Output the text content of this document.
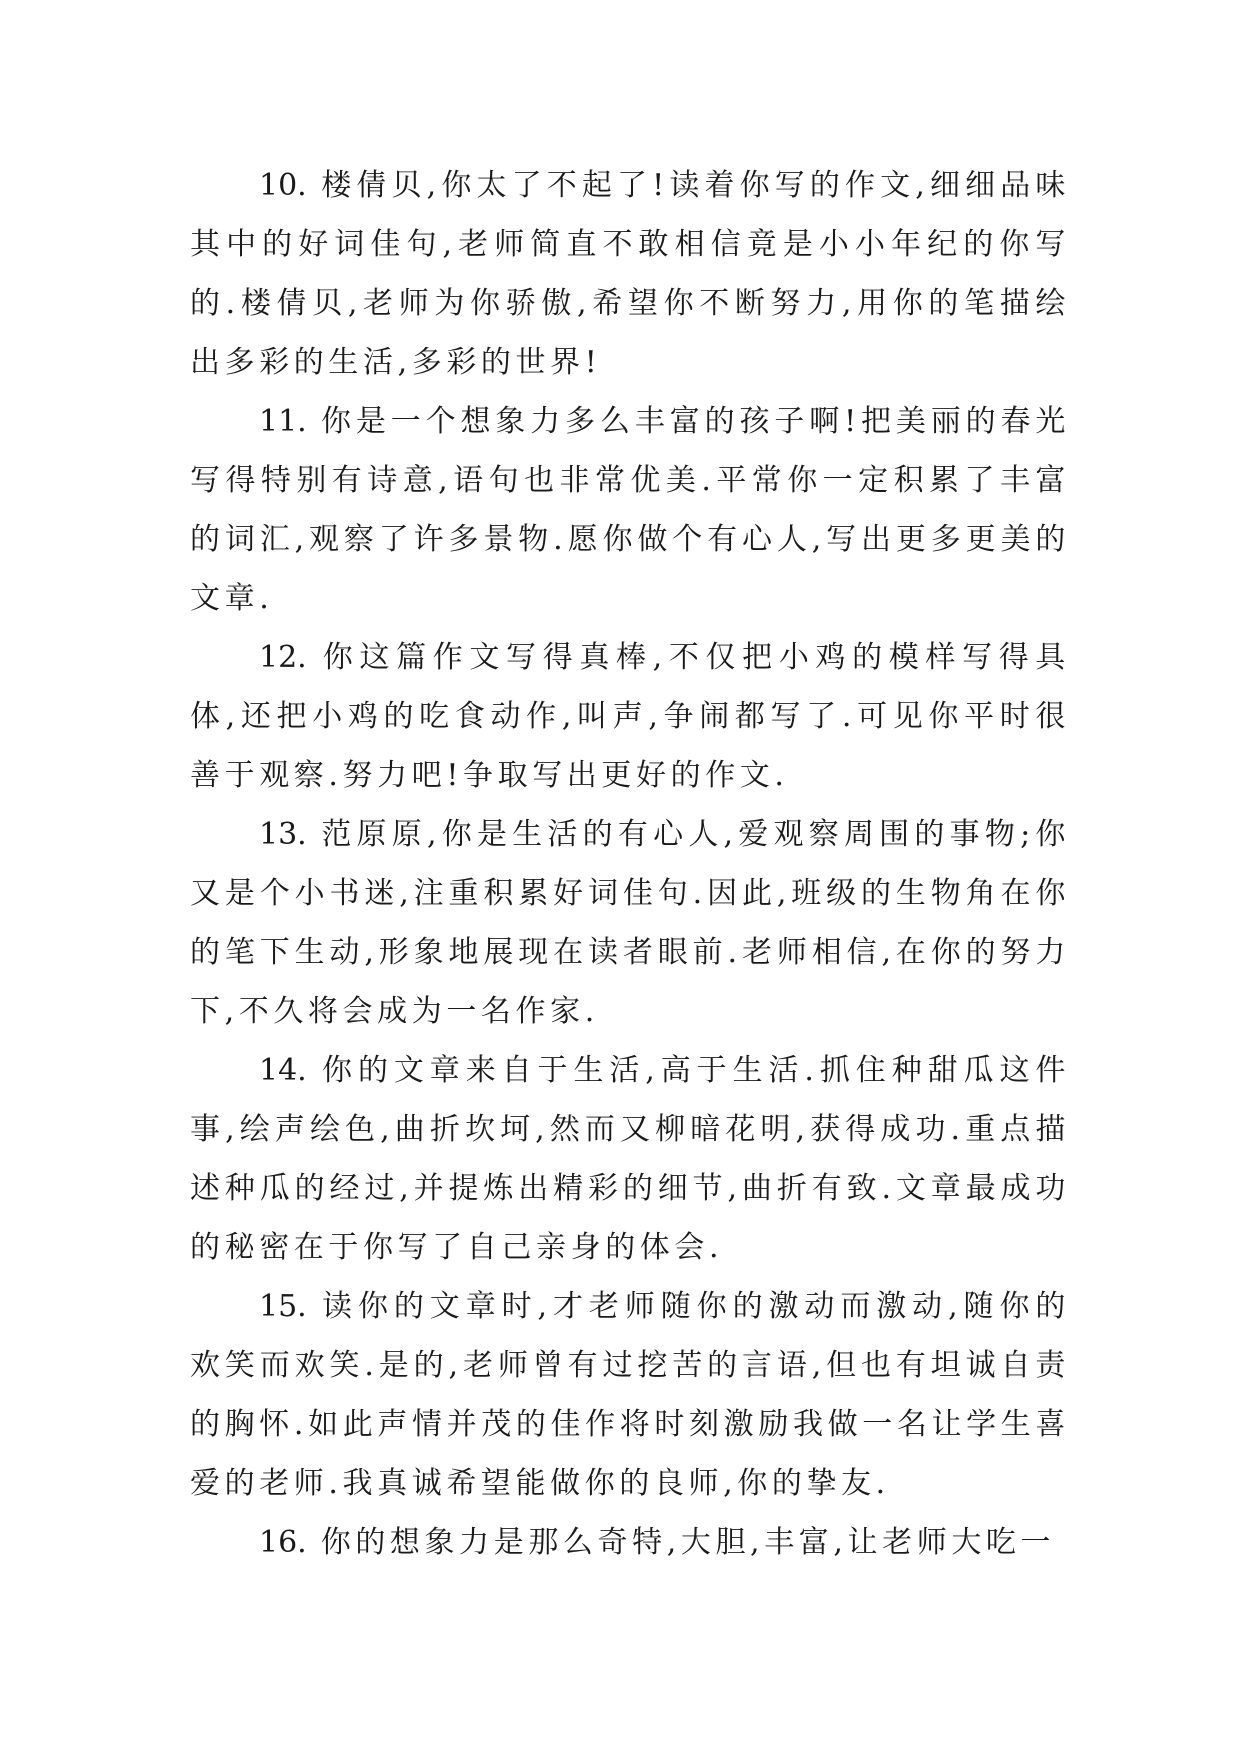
10. 楼倩贝,你太了不起了!读着你写的作文,细细品味其中的好词佳句,老师简直不敢相信竟是小小年纪的你写的.楼倩贝,老师为你骄傲,希望你不断努力,用你的笔描绘出多彩的生活,多彩的世界!

11. 你是一个想象力多么丰富的孩子啊!把美丽的春光写得特别有诗意,语句也非常优美.平常你一定积累了丰富的词汇,观察了许多景物.愿你做个有心人,写出更多更美的文章.

12. 你这篇作文写得真棒,不仅把小鸡的模样写得具体,还把小鸡的吃食动作,叫声,争闹都写了.可见你平时很善于观察.努力吧!争取写出更好的作文.

13. 范原原,你是生活的有心人,爱观察周围的事物;你又是个小书迷,注重积累好词佳句.因此,班级的生物角在你的笔下生动,形象地展现在读者眼前.老师相信,在你的努力下,不久将会成为一名作家.

14. 你的文章来自于生活,高于生活.抓住种甜瓜这件事,绘声绘色,曲折坎坷,然而又柳暗花明,获得成功.重点描述种瓜的经过,并提炼出精彩的细节,曲折有致.文章最成功的秘密在于你写了自己亲身的体会.

15. 读你的文章时,才老师随你的激动而激动,随你的欢笑而欢笑.是的,老师曾有过挖苦的言语,但也有坦诚自责的胸怀.如此声情并茂的佳作将时刻激励我做一名让学生喜爱的老师.我真诚希望能做你的良师,你的挚友.

16. 你的想象力是那么奇特,大胆,丰富,让老师大吃一
